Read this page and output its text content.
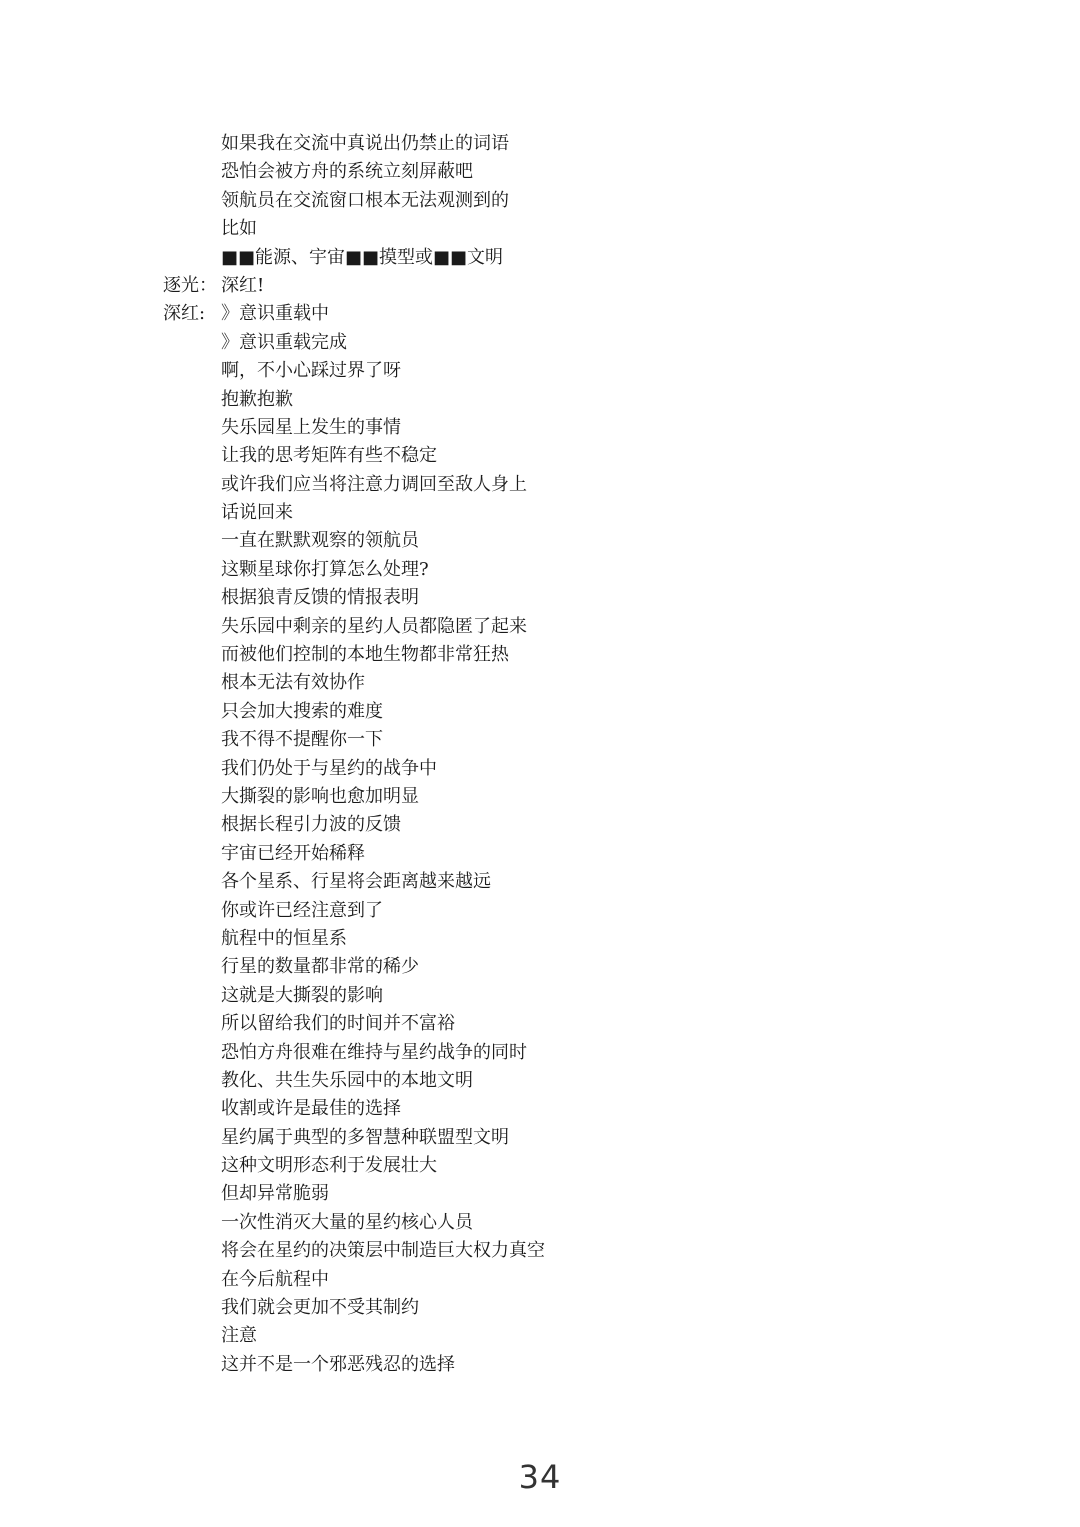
如果我在交流中真说出仍禁止的词语
恐怕会被方舟的系统立刻屏蔽吧
领航员在交流窗口根本无法观测到的
比如
■■能源、宇宙■■摸型或■■文明
逐光： 深红!
深红: 》意识重载中
》意识重载完成
啊，不小心踩过界了呀
抱歉抱歉
失乐园星上发生的事情
让我的思考矩阵有些不稳定
或许我们应当将注意力调回至敌人身上
话说回来
一直在默默观察的领航员
这颗星球你打算怎么处理?
根据狼青反馈的情报表明
失乐园中剩亲的星约人员都隐匿了起来
而被他们控制的本地生物都非常狂热
根本无法有效协作
只会加大搜索的难度
我不得不提醒你一下
我们仍处于与星约的战争中
大撕裂的影响也愈加明显
根据长程引力波的反馈
宇宙已经开始稀释
各个星系、行星将会距离越来越远
你或许已经注意到了
航程中的恒星系
行星的数量都非常的稀少
这就是大撕裂的影响
所以留给我们的时间并不富裕
恐怕方舟很难在维持与星约战争的同时
教化、共生失乐园中的本地文明
收割或许是最佳的选择
星约属于典型的多智慧种联盟型文明
这种文明形态利于发展壮大
但却异常脆弱
一次性消灭大量的星约核心人员
将会在星约的决策层中制造巨大权力真空
在今后航程中
我们就会更加不受其制约
注意
这并不是一个邪恶残忍的选择
34
